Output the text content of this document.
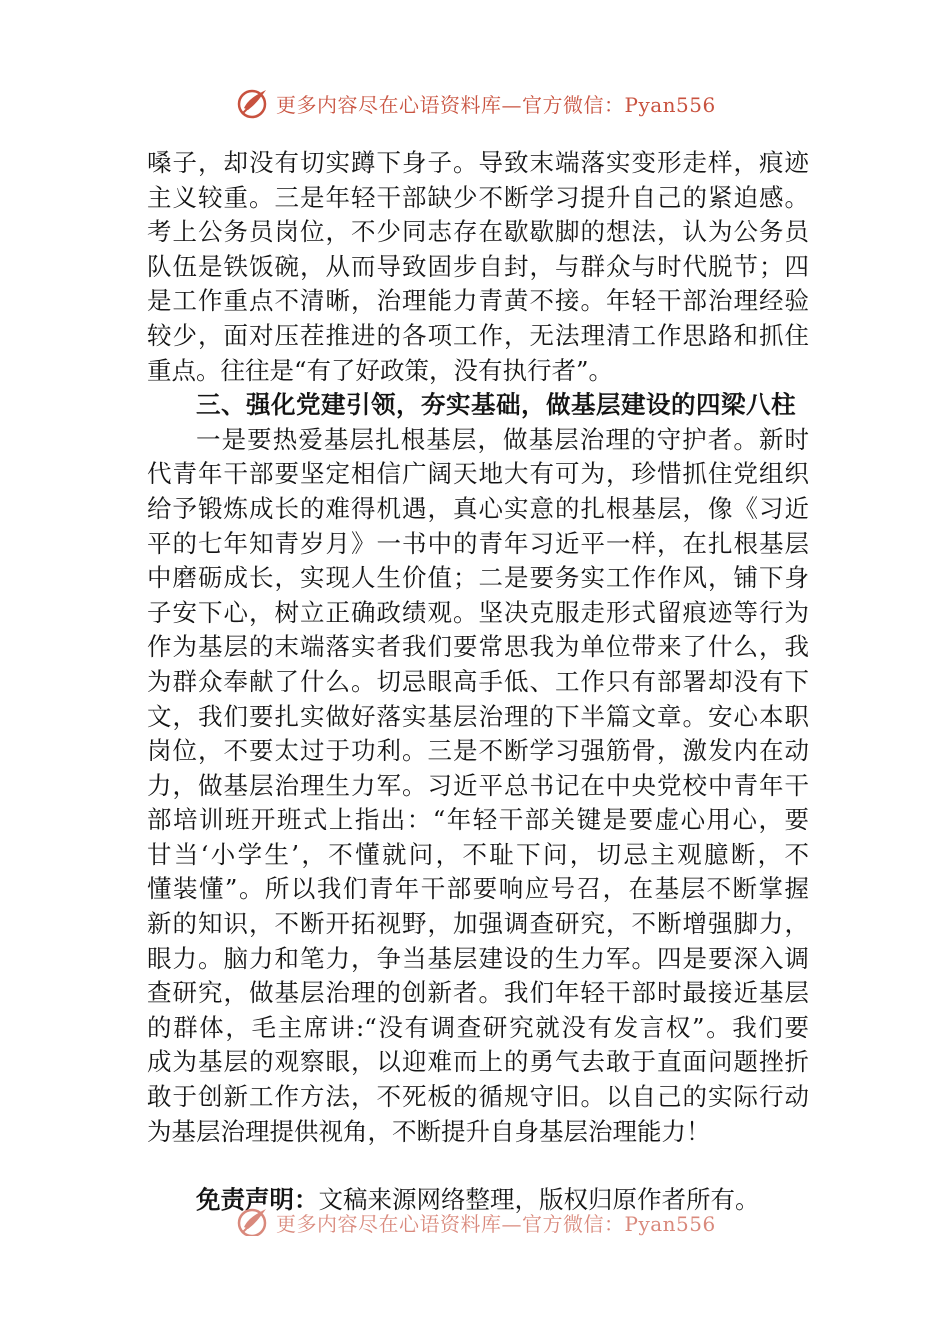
更多内容尽在心语资料库—官方微信：Pyan556
嗓子，却没有切实蹲下身子。导致末端落实变形走样，痕迹
主义较重。三是年轻干部缺少不断学习提升自己的紧迫感。
考上公务员岗位，不少同志存在歇歇脚的想法，认为公务员
队伍是铁饭碗，从而导致固步自封，与群众与时代脱节；四
是工作重点不清晰，治理能力青黄不接。年轻干部治理经验
较少，面对压茬推进的各项工作，无法理清工作思路和抓住
重点。往往是“有了好政策，没有执行者”。
三、强化党建引领，夯实基础，做基层建设的四梁八柱
一是要热爱基层扎根基层，做基层治理的守护者。新时
代青年干部要坚定相信广阔天地大有可为，珍惜抓住党组织
给予锻炼成长的难得机遇，真心实意的扎根基层，像《习近
平的七年知青岁月》一书中的青年习近平一样，在扎根基层
中磨砺成长，实现人生价值；二是要务实工作作风，铺下身
子安下心，树立正确政绩观。坚决克服走形式留痕迹等行为
作为基层的末端落实者我们要常思我为单位带来了什么，我
为群众奉献了什么。切忌眼高手低、工作只有部署却没有下
文，我们要扎实做好落实基层治理的下半篇文章。安心本职
岗位，不要太过于功利。三是不断学习强筋骨，激发内在动
力，做基层治理生力军。习近平总书记在中央党校中青年干
部培训班开班式上指出：“年轻干部关键是要虚心用心，要
甘当‘小学生’，不懂就问，不耻下问，切忌主观臆断，不
懂装懂”。所以我们青年干部要响应号召，在基层不断掌握
新的知识，不断开拓视野，加强调查研究，不断增强脚力，
眼力。脑力和笔力，争当基层建设的生力军。四是要深入调
查研究，做基层治理的创新者。我们年轻干部时最接近基层
的群体，毛主席讲:“没有调查研究就没有发言权”。我们要
成为基层的观察眼，以迎难而上的勇气去敢于直面问题挫折
敢于创新工作方法，不死板的循规守旧。以自己的实际行动
为基层治理提供视角，不断提升自身基层治理能力！
免责声明：文稿来源网络整理，版权归原作者所有。
更多内容尽在心语资料库—官方微信：Pyan556
